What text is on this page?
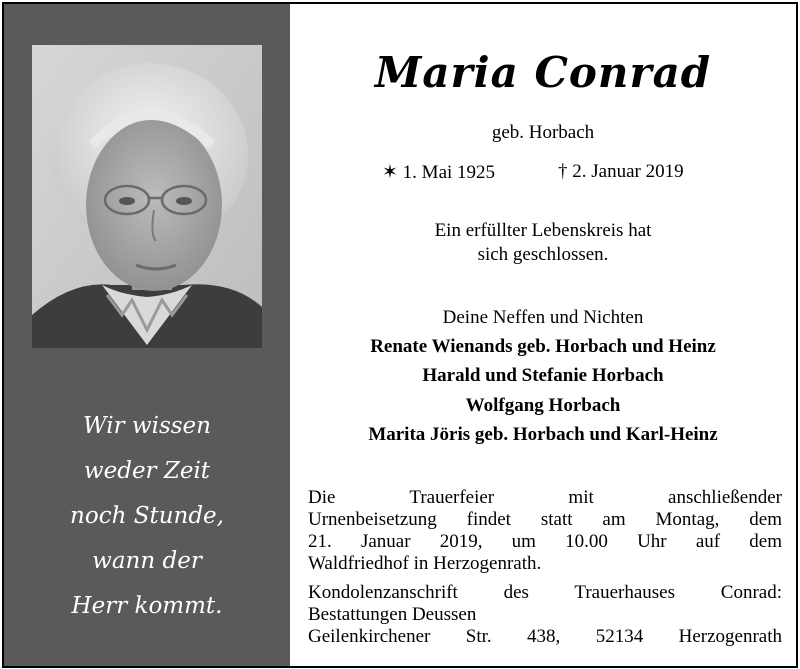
Wir wissen
weder Zeit
noch Stunde,
wann der
Herr kommt.
Maria Conrad
geb. Horbach
✶ 1. Mai 1925	† 2. Januar 2019
Ein erfüllter Lebenskreis hat
sich geschlossen.
Deine Neffen und Nichten
Renate Wienands geb. Horbach und Heinz
Harald und Stefanie Horbach
Wolfgang Horbach
Marita Jöris geb. Horbach und Karl-Heinz
Die Trauerfeier mit anschließender
Urnenbeisetzung findet statt am Montag, dem
21. Januar 2019, um 10.00 Uhr auf dem
Waldfriedhof in Herzogenrath.
Kondolenzanschrift des Trauerhauses Conrad:
Bestattungen Deussen
Geilenkirchener Str. 438, 52134 Herzogenrath
